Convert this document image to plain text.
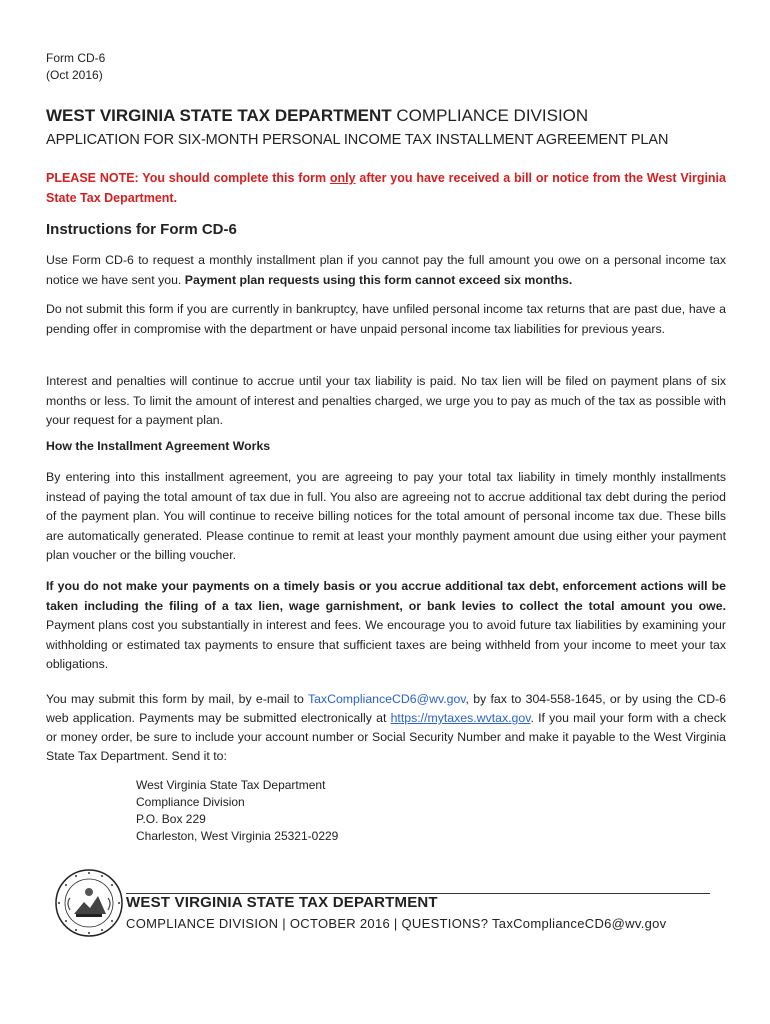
Form CD-6
(Oct 2016)
WEST VIRGINIA STATE TAX DEPARTMENT COMPLIANCE DIVISION
APPLICATION FOR SIX-MONTH PERSONAL INCOME TAX INSTALLMENT AGREEMENT PLAN
PLEASE NOTE: You should complete this form only after you have received a bill or notice from the West Virginia State Tax Department.
Instructions for Form CD-6
Use Form CD-6 to request a monthly installment plan if you cannot pay the full amount you owe on a personal income tax notice we have sent you. Payment plan requests using this form cannot exceed six months.
Do not submit this form if you are currently in bankruptcy, have unfiled personal income tax returns that are past due, have a pending offer in compromise with the department or have unpaid personal income tax liabilities for previous years.
Interest and penalties will continue to accrue until your tax liability is paid. No tax lien will be filed on payment plans of six months or less. To limit the amount of interest and penalties charged, we urge you to pay as much of the tax as possible with your request for a payment plan.
How the Installment Agreement Works
By entering into this installment agreement, you are agreeing to pay your total tax liability in timely monthly installments instead of paying the total amount of tax due in full. You also are agreeing not to accrue additional tax debt during the period of the payment plan. You will continue to receive billing notices for the total amount of personal income tax due. These bills are automatically generated. Please continue to remit at least your monthly payment amount due using either your payment plan voucher or the billing voucher.
If you do not make your payments on a timely basis or you accrue additional tax debt, enforcement actions will be taken including the filing of a tax lien, wage garnishment, or bank levies to collect the total amount you owe. Payment plans cost you substantially in interest and fees. We encourage you to avoid future tax liabilities by examining your withholding or estimated tax payments to ensure that sufficient taxes are being withheld from your income to meet your tax obligations.
You may submit this form by mail, by e-mail to TaxComplianceCD6@wv.gov, by fax to 304-558-1645, or by using the CD-6 web application. Payments may be submitted electronically at https://mytaxes.wvtax.gov. If you mail your form with a check or money order, be sure to include your account number or Social Security Number and make it payable to the West Virginia State Tax Department. Send it to:
West Virginia State Tax Department
Compliance Division
P.O. Box 229
Charleston, West Virginia 25321-0229
WEST VIRGINIA STATE TAX DEPARTMENT
COMPLIANCE DIVISION | OCTOBER 2016 | QUESTIONS? TaxComplianceCD6@wv.gov
